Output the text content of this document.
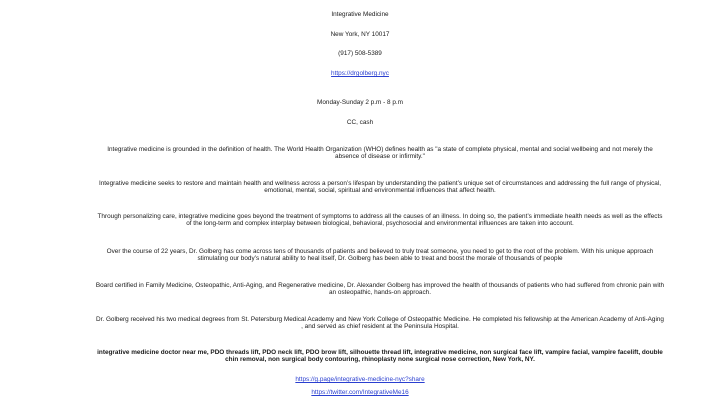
Integrative Medicine
New York, NY 10017
(917) 508-5389
https://drgolberg.nyc
Monday-Sunday 2 p.m - 8 p.m
CC, cash
Integrative medicine is grounded in the definition of health. The World Health Organization (WHO) defines health as "a state of complete physical, mental and social wellbeing and not merely the absence of disease or infirmity."
Integrative medicine seeks to restore and maintain health and wellness across a person’s lifespan by understanding the patient’s unique set of circumstances and addressing the full range of physical, emotional, mental, social, spiritual and environmental influences that affect health.
Through personalizing care, integrative medicine goes beyond the treatment of symptoms to address all the causes of an illness. In doing so, the patient’s immediate health needs as well as the effects of the long-term and complex interplay between biological, behavioral, psychosocial and environmental influences are taken into account.
Over the course of 22 years, Dr. Golberg has come across tens of thousands of patients and believed to truly treat someone, you need to get to the root of the problem. With his unique approach stimulating our body’s natural ability to heal itself, Dr. Golberg has been able to treat and boost the morale of thousands of people
Board certified in Family Medicine, Osteopathic, Anti-Aging, and Regenerative medicine, Dr. Alexander Golberg has improved the health of thousands of patients who had suffered from chronic pain with an osteopathic, hands-on approach.
Dr. Golberg received his two medical degrees from St. Petersburg Medical Academy and New York College of Osteopathic Medicine. He completed his fellowship at the American Academy of Anti-Aging , and served as chief resident at the Peninsula Hospital.
integrative medicine doctor near me, PDO threads lift, PDO neck lift, PDO brow lift, silhouette thread lift, integrative medicine, non surgical face lift, vampire facial, vampire facelift, double chin removal, non surgical body contouring, rhinoplasty none surgical nose correction, New York, NY.
https://g.page/integrative-medicine-nyc?share
https://twitter.com/IntegrativeMe16
